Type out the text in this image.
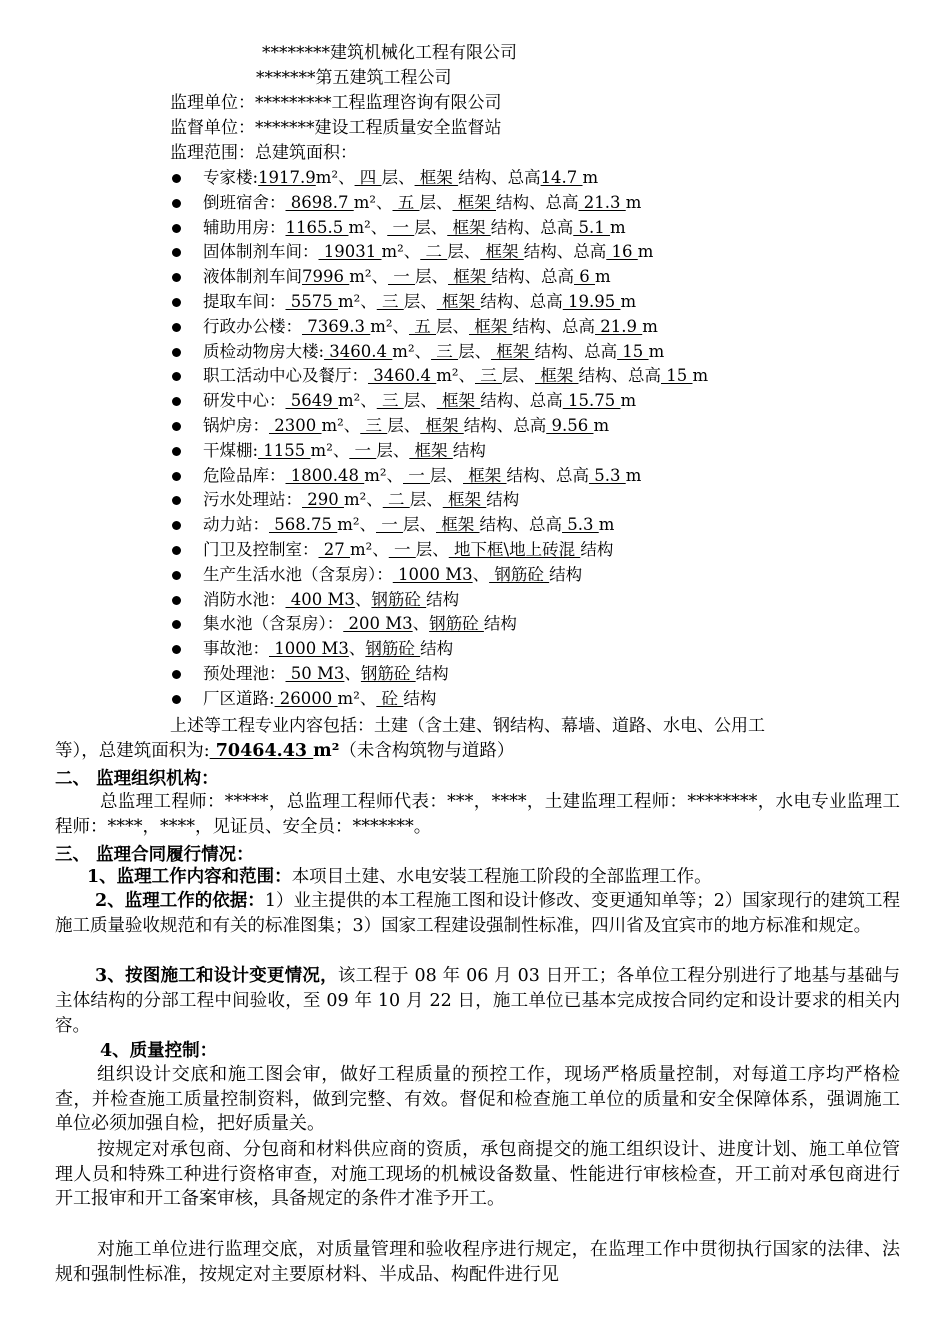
********建筑机械化工程有限公司
*******第五建筑工程公司
监理单位：*********工程监理咨询有限公司
监督单位：*******建设工程质量安全监督站
监理范围：总建筑面积：
专家楼:1917.9m²、 四 层、 框架 结构、总高14.7 m
倒班宿舍： 8698.7 m²、 五 层、 框架 结构、总高 21.3 m
辅助用房：1165.5 m²、 一 层、 框架 结构、总高 5.1 m
固体制剂车间： 19031 m²、 二 层、 框架 结构、总高 16 m
液体制剂车间7996 m²、 一 层、 框架 结构、总高 6 m
提取车间： 5575 m²、 三 层、 框架 结构、总高 19.95 m
行政办公楼： 7369.3 m²、 五 层、 框架 结构、总高 21.9 m
质检动物房大楼: 3460.4 m²、 三 层、 框架 结构、总高 15 m
职工活动中心及餐厅： 3460.4 m²、 三 层、 框架 结构、总高 15 m
研发中心： 5649 m²、 三 层、 框架 结构、总高 15.75 m
锅炉房： 2300 m²、 三 层、 框架 结构、总高 9.56 m
干煤棚: 1155 m²、 一 层、 框架 结构
危险品库： 1800.48 m²、 一 层、 框架 结构、总高 5.3 m
污水处理站： 290 m²、 二 层、 框架 结构
动力站： 568.75 m²、 一 层、 框架 结构、总高 5.3 m
门卫及控制室： 27 m²、 一 层、 地下框\地上砖混 结构
生产生活水池（含泵房）： 1000 M3、 钢筋砼 结构
消防水池： 400 M3、钢筋砼 结构
集水池（含泵房）： 200 M3、钢筋砼 结构
事故池： 1000 M3、钢筋砼 结构
预处理池： 50 M3、钢筋砼 结构
厂区道路: 26000 m²、 砼 结构
上述等工程专业内容包括：土建（含土建、钢结构、幕墙、道路、水电、公用工
等），总建筑面积为: 70464.43 m²（未含构筑物与道路）
二、 监理组织机构：
总监理工程师：*****，总监理工程师代表：***，****，土建监理工程师：********，水电专业监理工程师：****，****，见证员、安全员：*******。
三、 监理合同履行情况：
1、监理工作内容和范围：本项目土建、水电安装工程施工阶段的全部监理工作。
2、监理工作的依据：1）业主提供的本工程施工图和设计修改、变更通知单等；2）国家现行的建筑工程施工质量验收规范和有关的标准图集；3）国家工程建设强制性标准，四川省及宜宾市的地方标准和规定。
3、按图施工和设计变更情况，该工程于 08 年 06 月 03 日开工；各单位工程分别进行了地基与基础与主体结构的分部工程中间验收，至 09 年 10 月 22 日，施工单位已基本完成按合同约定和设计要求的相关内容。
4、质量控制：
组织设计交底和施工图会审，做好工程质量的预控工作，现场严格质量控制，对每道工序均严格检查，并检查施工质量控制资料，做到完整、有效。督促和检查施工单位的质量和安全保障体系，强调施工单位必须加强自检，把好质量关。
按规定对承包商、分包商和材料供应商的资质，承包商提交的施工组织设计、进度计划、施工单位管理人员和特殊工种进行资格审查，对施工现场的机械设备数量、性能进行审核检查，开工前对承包商进行开工报审和开工备案审核，具备规定的条件才准予开工。
对施工单位进行监理交底，对质量管理和验收程序进行规定，在监理工作中贯彻执行国家的法律、法规和强制性标准，按规定对主要原材料、半成品、构配件进行见
